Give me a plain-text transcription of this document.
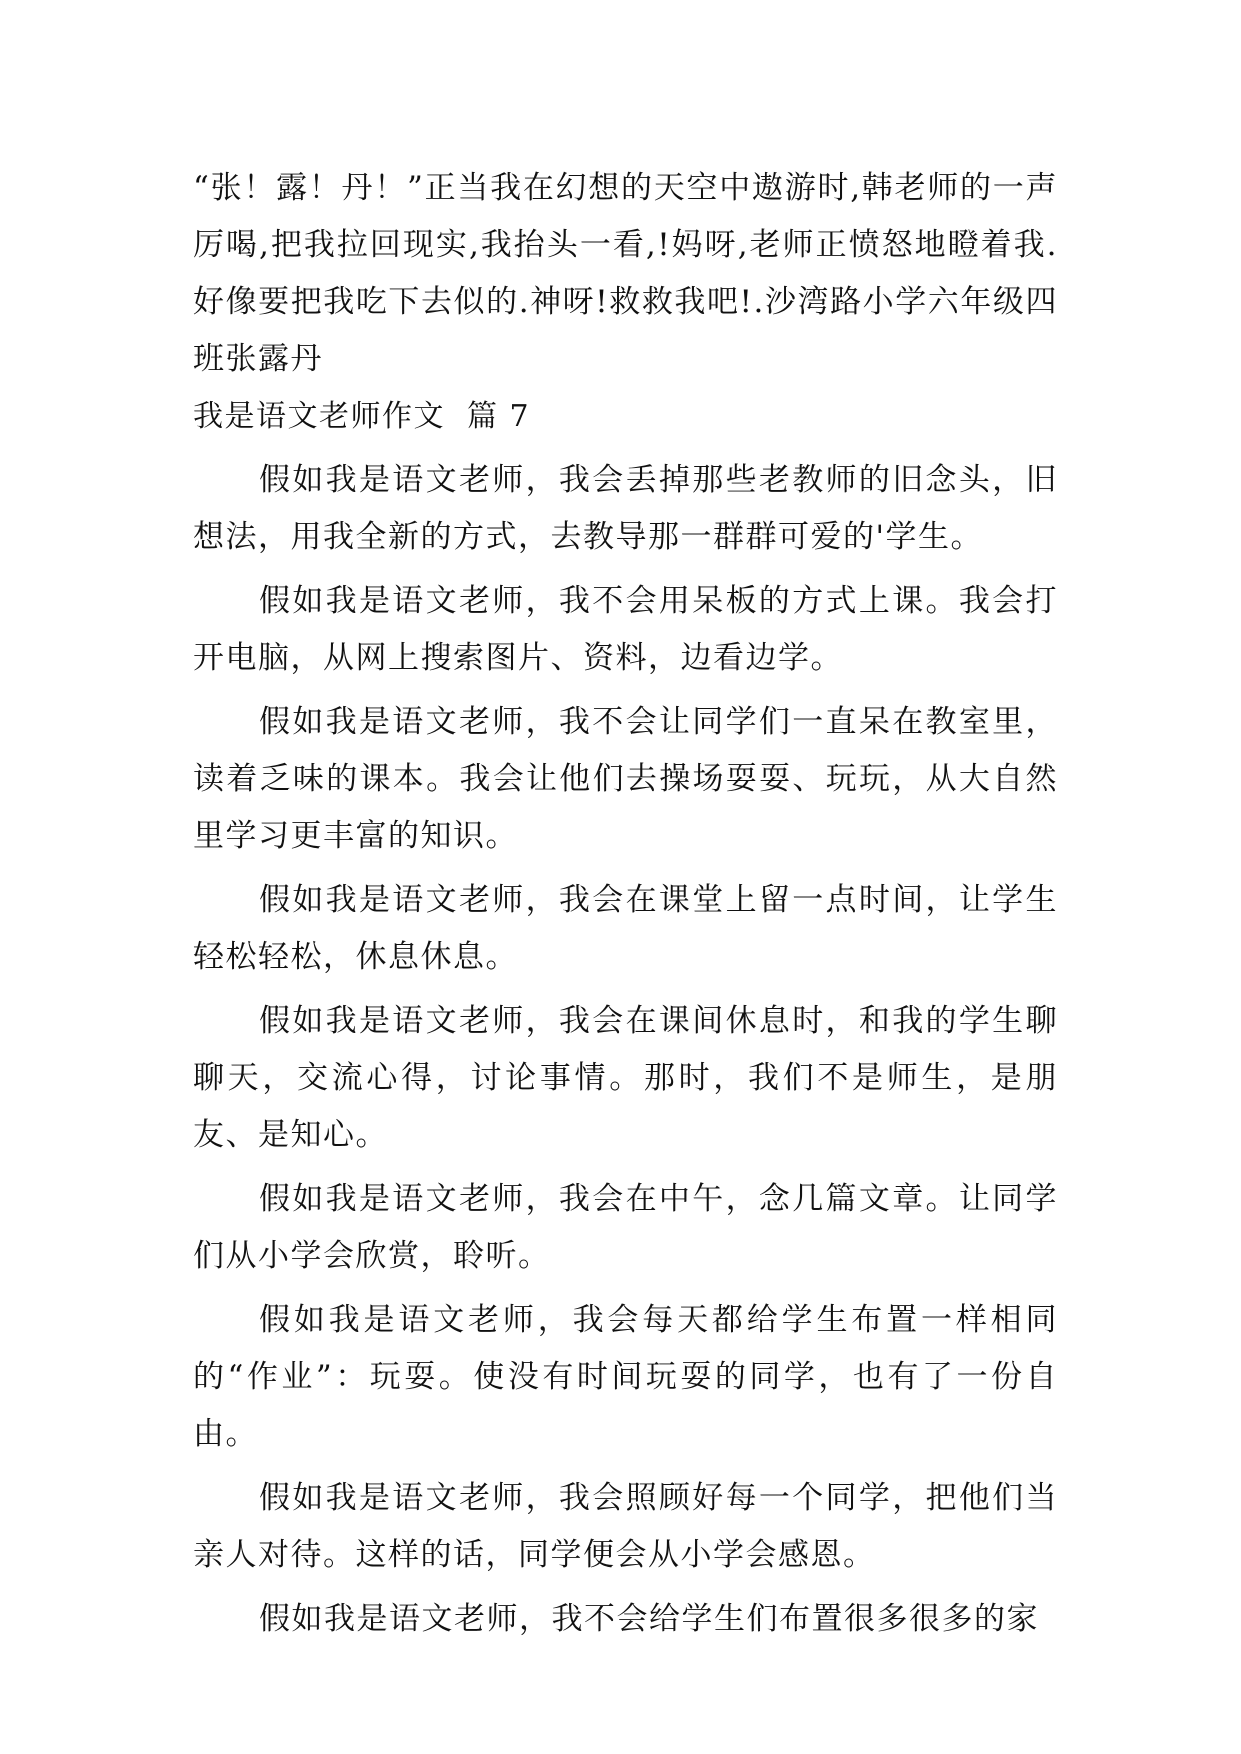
“张！露！丹！”正当我在幻想的天空中遨游时,韩老师的一声厉喝,把我拉回现实,我抬头一看,!妈呀,老师正愤怒地瞪着我.好像要把我吃下去似的.神呀!救救我吧!.沙湾路小学六年级四班张露丹

我是语文老师作文 篇 7

假如我是语文老师，我会丢掉那些老教师的旧念头，旧想法，用我全新的方式，去教导那一群群可爱的'学生。

假如我是语文老师，我不会用呆板的方式上课。我会打开电脑，从网上搜索图片、资料，边看边学。

假如我是语文老师，我不会让同学们一直呆在教室里，读着乏味的课本。我会让他们去操场耍耍、玩玩，从大自然里学习更丰富的知识。

假如我是语文老师，我会在课堂上留一点时间，让学生轻松轻松，休息休息。

假如我是语文老师，我会在课间休息时，和我的学生聊聊天，交流心得，讨论事情。那时，我们不是师生，是朋友、是知心。

假如我是语文老师，我会在中午，念几篇文章。让同学们从小学会欣赏，聆听。

假如我是语文老师，我会每天都给学生布置一样相同的“作业”：玩耍。使没有时间玩耍的同学，也有了一份自由。

假如我是语文老师，我会照顾好每一个同学，把他们当亲人对待。这样的话，同学便会从小学会感恩。

假如我是语文老师，我不会给学生们布置很多很多的家
